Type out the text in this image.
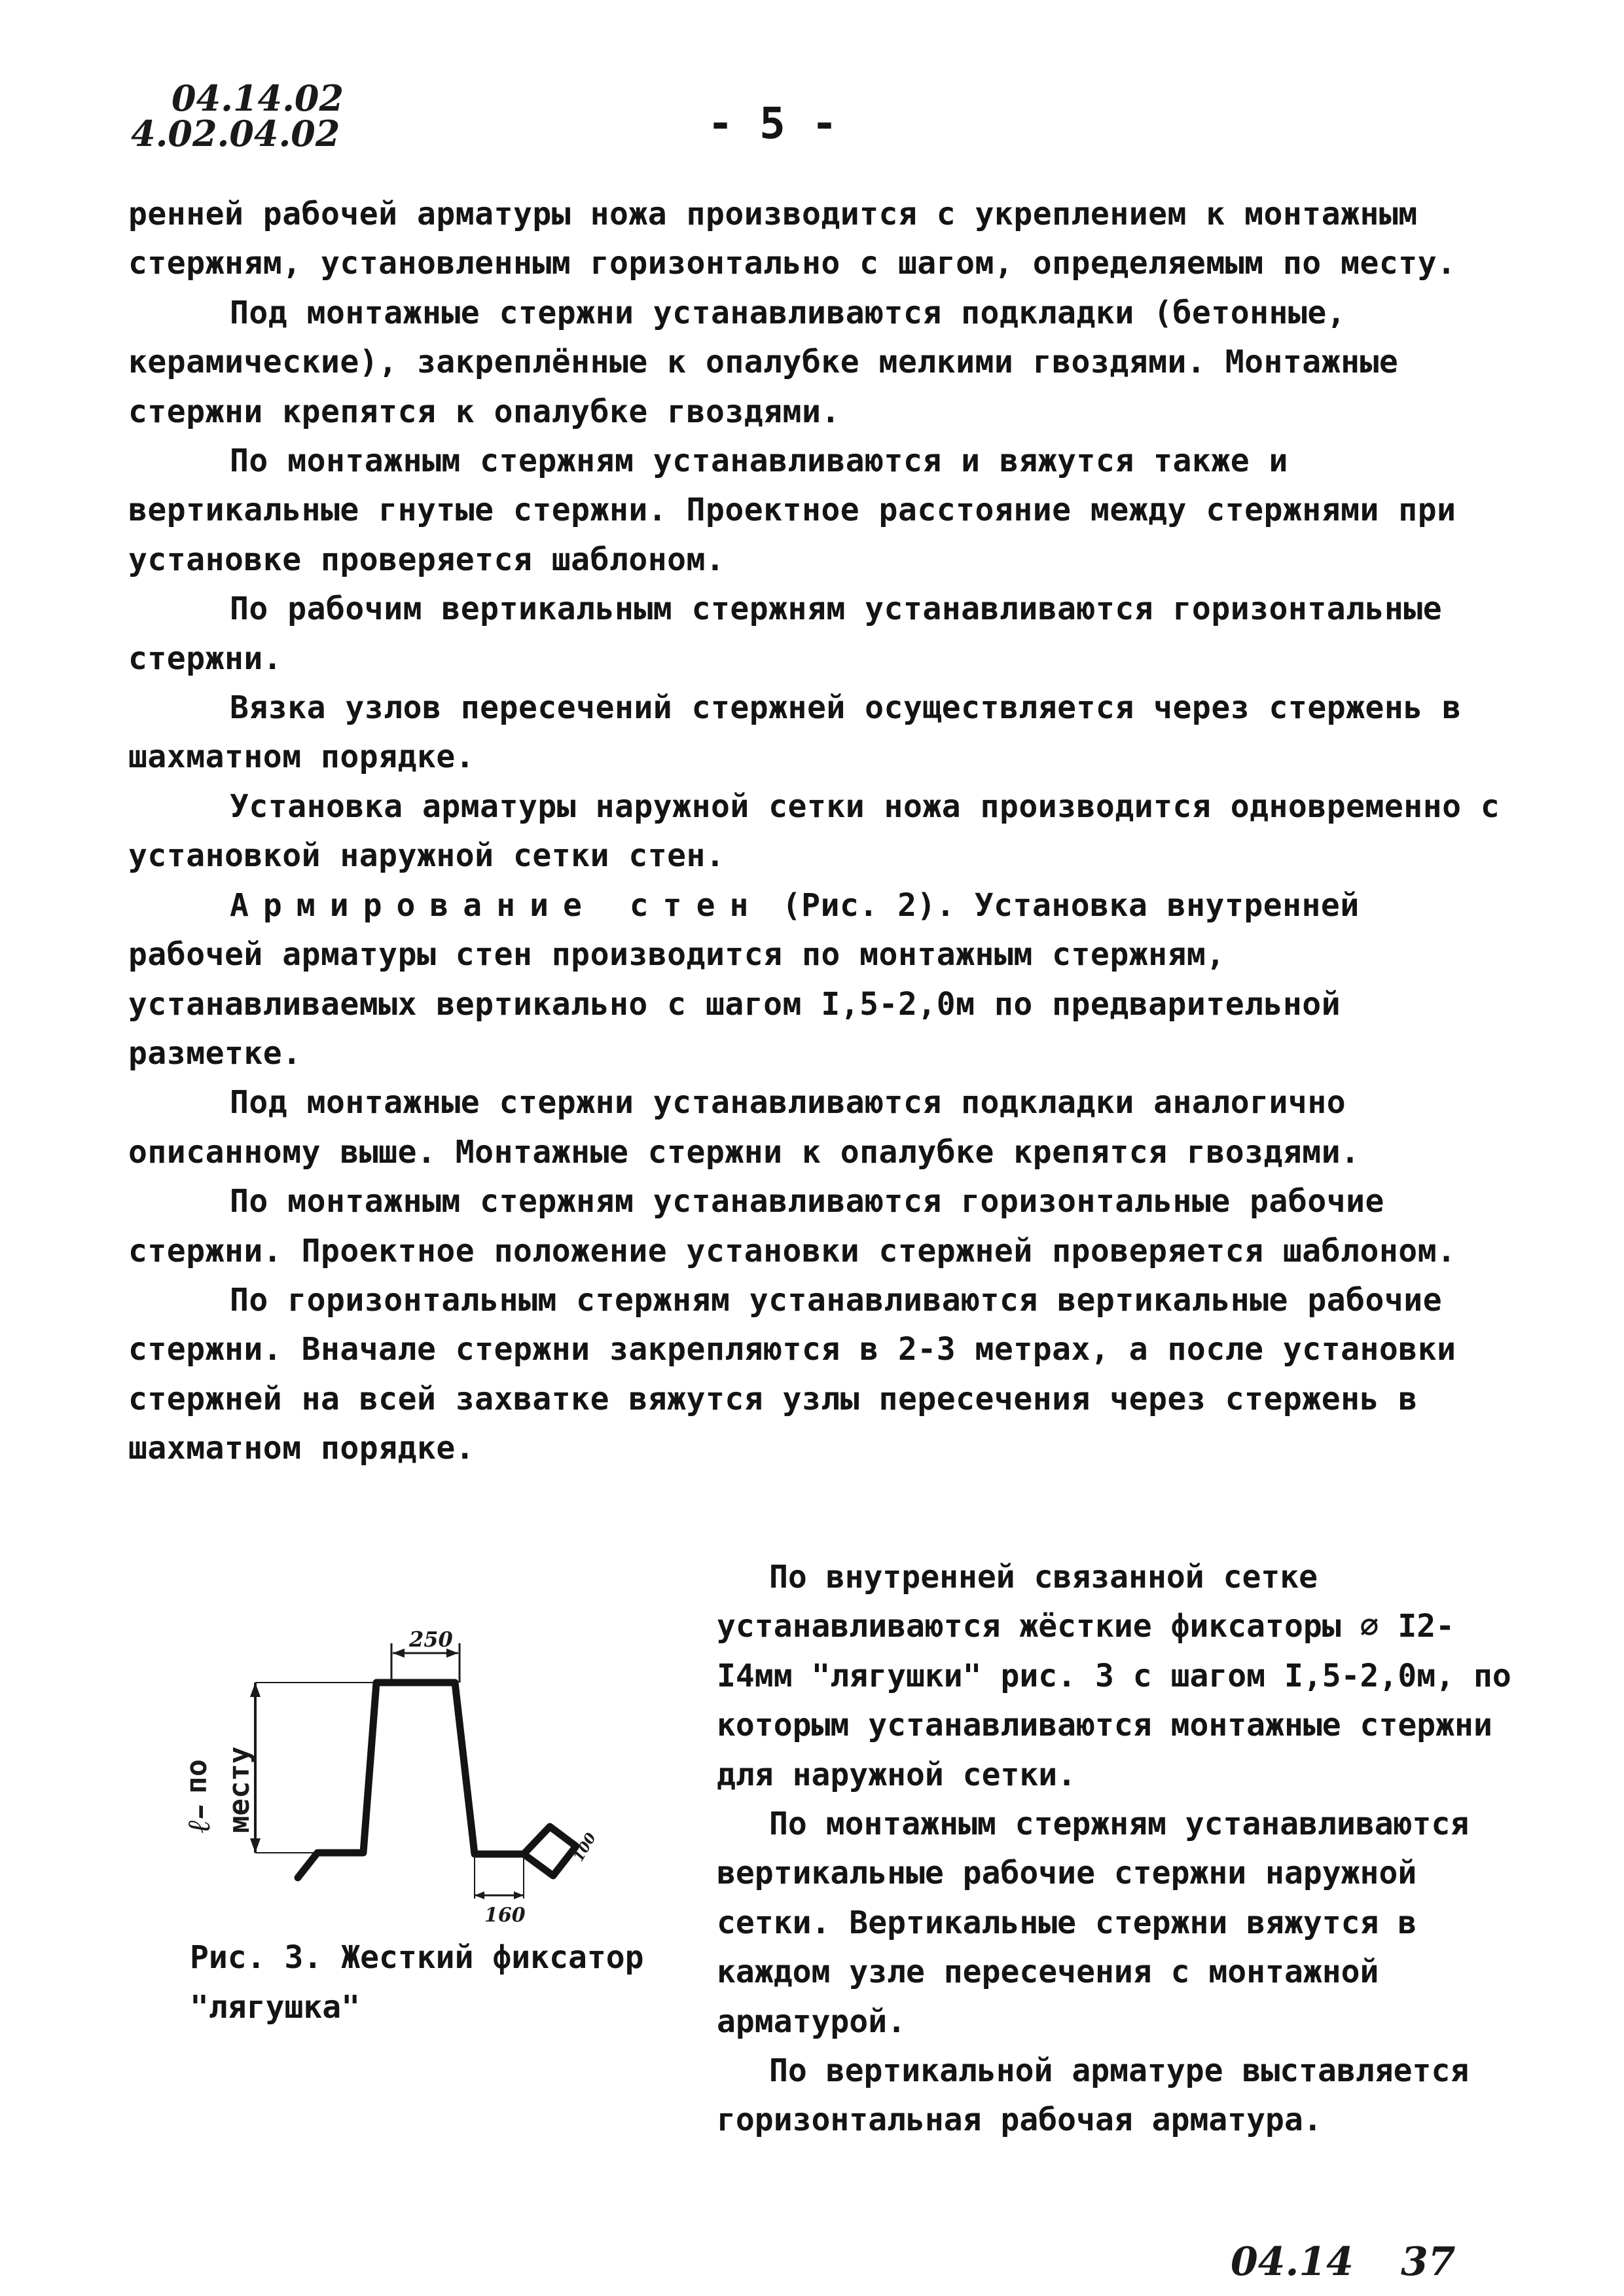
04.14.02
4.02.04.02	- 5 -

ренней рабочей арматуры ножа производится с укреплением к монтажным стержням, установленным горизонтально с шагом, определяемым по месту.

Под монтажные стержни устанавливаются подкладки (бетонные, керамические), закреплённые к опалубке мелкими гвоздями. Монтажные стержни крепятся к опалубке гвоздями.

По монтажным стержням устанавливаются и вяжутся также и вертикальные гнутые стержни. Проектное расстояние между стержнями при установке проверяется шаблоном.

По рабочим вертикальным стержням устанавливаются горизонтальные стержни.

Вязка узлов пересечений стержней осуществляется через стержень в шахматном порядке.

Установка арматуры наружной сетки ножа производится одновременно с установкой наружной сетки стен.

Армирование стен (Рис. 2). Установка внутренней рабочей арматуры стен производится по монтажным стержням, устанавливаемых вертикально с шагом I,5-2,0м по предварительной разметке.

Под монтажные стержни устанавливаются подкладки аналогично описанному выше. Монтажные стержни к опалубке крепятся гвоздями.

По монтажным стержням устанавливаются горизонтальные рабочие стержни. Проектное положение установки стержней проверяется шаблоном.

По горизонтальным стержням устанавливаются вертикальные рабочие стержни. Вначале стержни закрепляются в 2-3 метрах, а после установки стержней на всей захватке вяжутся узлы пересечения через стержень в шахматном порядке.

По внутренней связанной сетке устанавливаются жёсткие фиксаторы ∅ I2-I4мм "лягушки" рис. 3 с шагом I,5-2,0м, по которым устанавливаются монтажные стержни для наружной сетки.

По монтажным стержням устанавливаются вертикальные рабочие стержни наружной сетки. Вертикальные стержни вяжутся в каждом узле пересечения с монтажной арматурой.

По вертикальной арматуре выставляется горизонтальная рабочая арматура.

ℓ–
по месту
250
160
100
Рис. 3. Жесткий фиксатор "лягушка"
04.14 37
